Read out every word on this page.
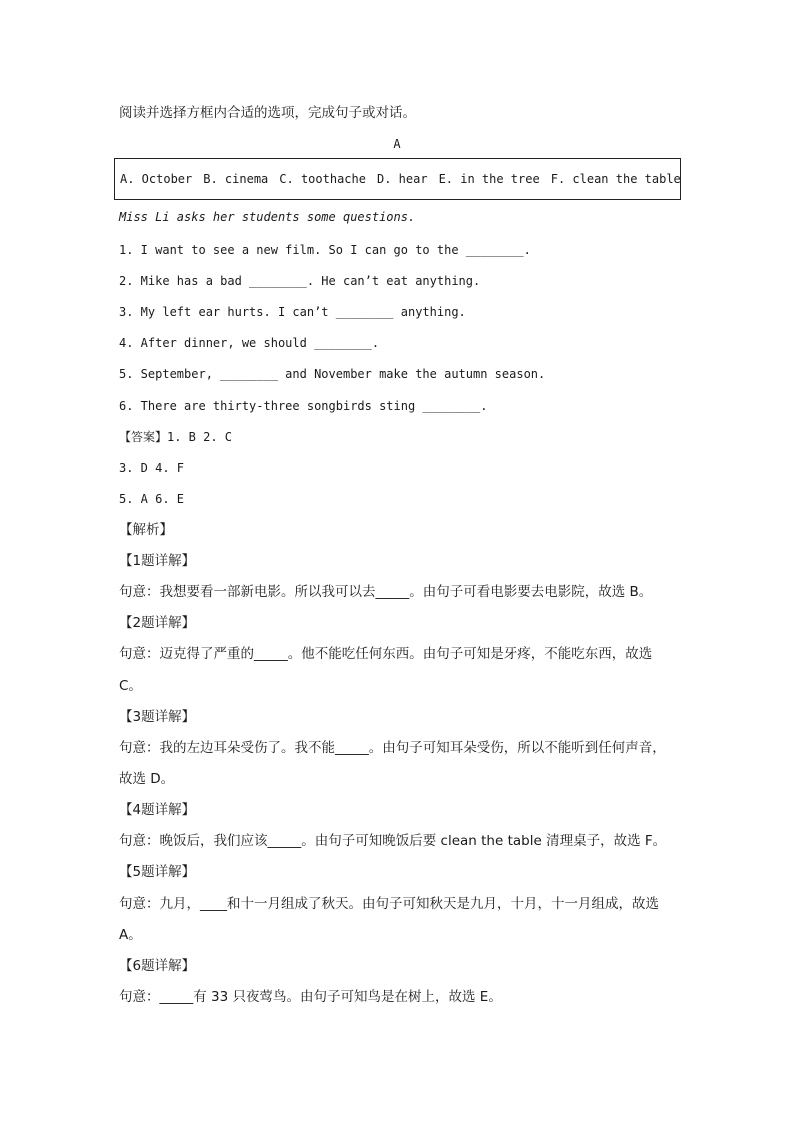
阅读并选择方框内合适的选项，完成句子或对话。
A
A. October B. cinema C. toothache D. hear E. in the tree F. clean the table
Miss Li asks her students some questions.
1. I want to see a new film. So I can go to the ________.
2. Mike has a bad ________. He can’t eat anything.
3. My left ear hurts. I can’t ________ anything.
4. After dinner, we should ________.
5. September, ________ and November make the autumn season.
6. There are thirty-three songbirds sting ________.
【答案】1. B 2. C
3. D 4. F
5. A 6. E
【解析】
【1题详解】
句意：我想要看一部新电影。所以我可以去_____。由句子可看电影要去电影院，故选 B。
【2题详解】
句意：迈克得了严重的_____。他不能吃任何东西。由句子可知是牙疼，不能吃东西，故选
C。
【3题详解】
句意：我的左边耳朵受伤了。我不能_____。由句子可知耳朵受伤，所以不能听到任何声音，
故选 D。
【4题详解】
句意：晚饭后，我们应该_____。由句子可知晚饭后要 clean the table 清理桌子，故选 F。
【5题详解】
句意：九月，____和十一月组成了秋天。由句子可知秋天是九月，十月，十一月组成，故选
A。
【6题详解】
句意：_____有 33 只夜莺鸟。由句子可知鸟是在树上，故选 E。
